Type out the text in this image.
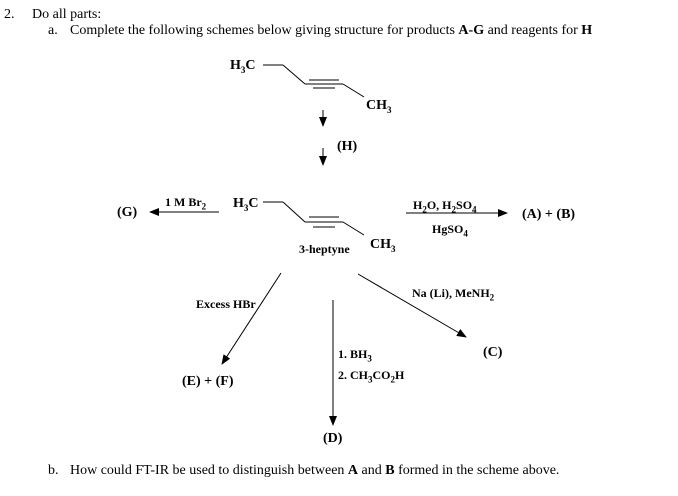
2. Do all parts:
a. Complete the following schemes below giving structure for products A-G and reagents for H
$H_3C$
$CH_3$
(H)
$H_3C$
$CH_3$
3-heptyne
1 M $Br_2$
(G)	$H_2O$, $H_2SO_4$
HgSO$_4$
(A) + (B)
Excess HBr
(E) + (F)
1. $BH_3$
2. $CH_3CO_2H$
(D)
Na (Li), MeNH$_2$
(C)
b. How could FT-IR be used to distinguish between A and B formed in the scheme above.
